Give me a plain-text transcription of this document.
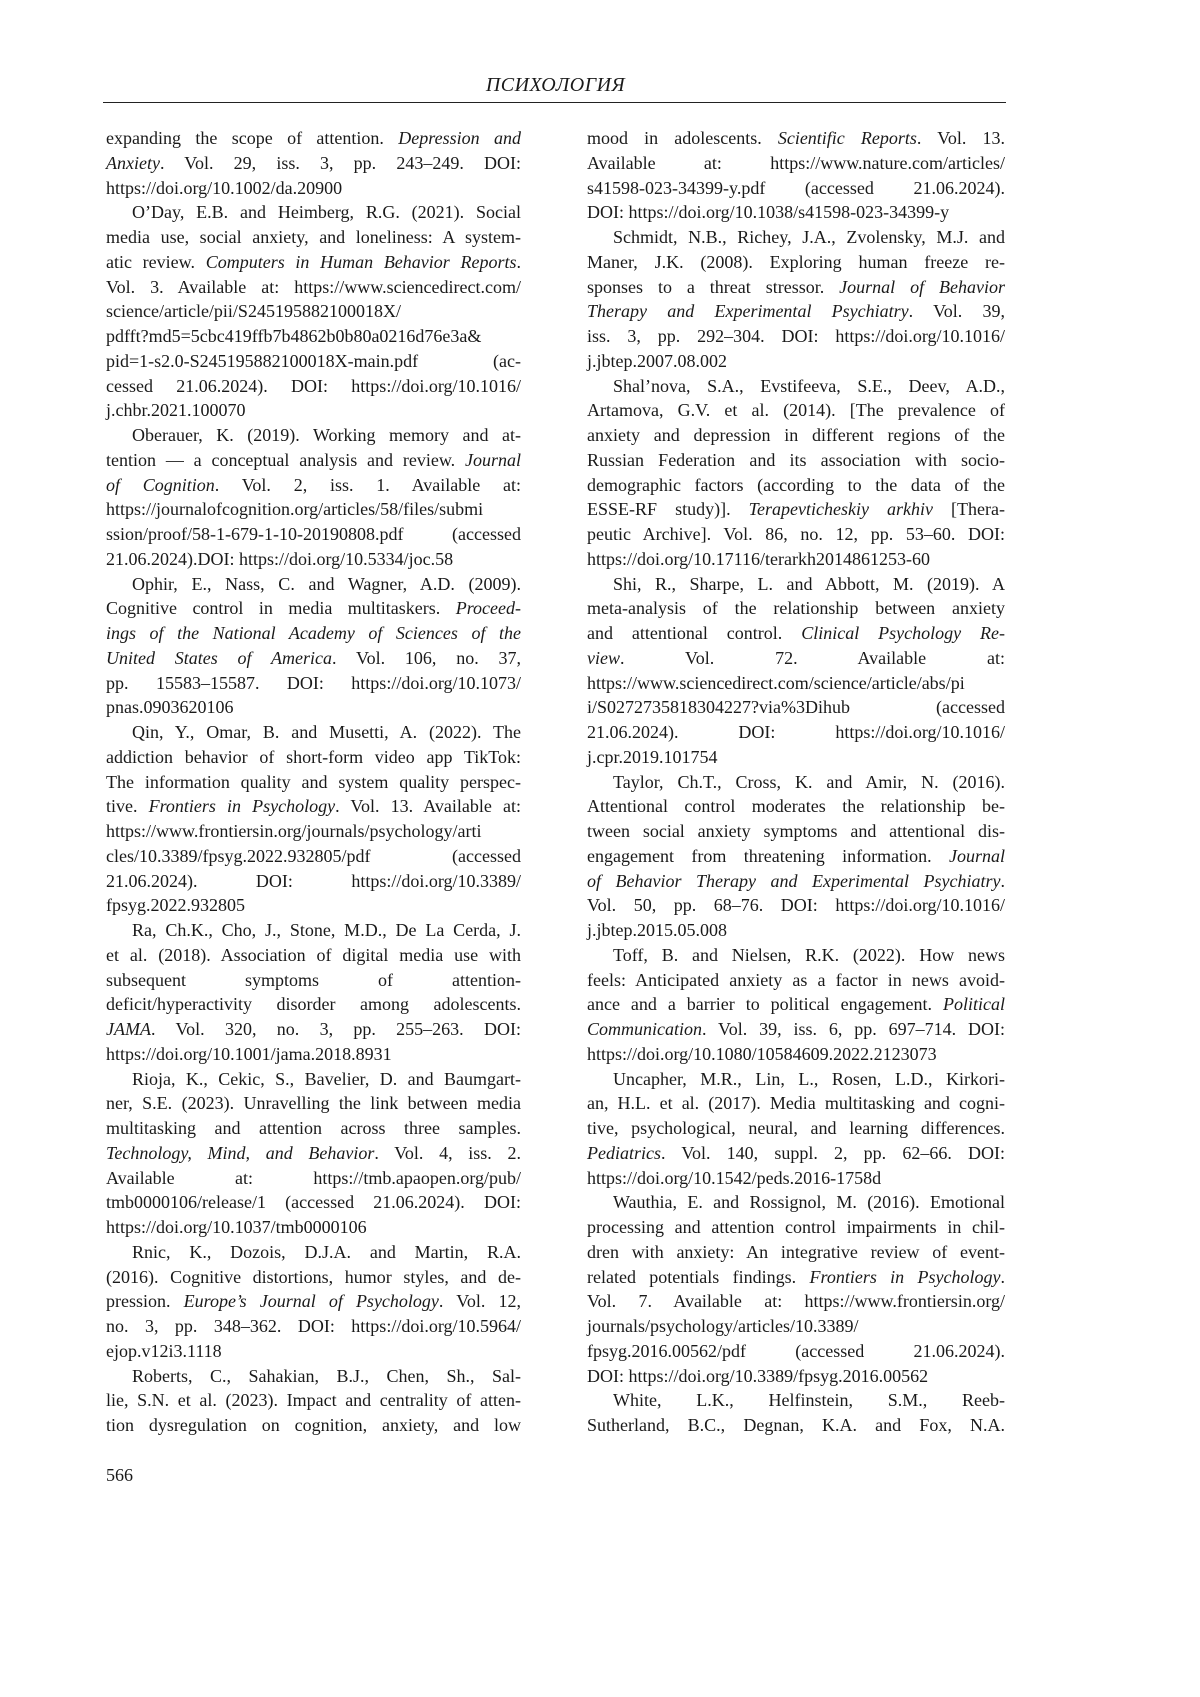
ПСИХОЛОГИЯ
expanding the scope of attention. Depression and
Anxiety. Vol. 29, iss. 3, pp. 243–249. DOI:
https://doi.org/10.1002/da.20900
O’Day, E.B. and Heimberg, R.G. (2021). Social
media use, social anxiety, and loneliness: A system-
atic review. Computers in Human Behavior Reports.
Vol. 3. Available at: https://www.sciencedirect.com/
science/article/pii/S245195882100018X/
pdfft?md5=5cbc419ffb7b4862b0b80a0216d76e3a&
pid=1-s2.0-S245195882100018X-main.pdf (ac-
cessed 21.06.2024). DOI: https://doi.org/10.1016/
j.chbr.2021.100070
Oberauer, K. (2019). Working memory and at-
tention — a conceptual analysis and review. Journal
of Cognition. Vol. 2, iss. 1. Available at:
https://journalofcognition.org/articles/58/files/submi
ssion/proof/58-1-679-1-10-20190808.pdf (accessed
21.06.2024).DOI: https://doi.org/10.5334/joc.58
Ophir, E., Nass, C. and Wagner, A.D. (2009).
Cognitive control in media multitaskers. Proceed-
ings of the National Academy of Sciences of the
United States of America. Vol. 106, no. 37,
pp. 15583–15587. DOI: https://doi.org/10.1073/
pnas.0903620106
Qin, Y., Omar, B. and Musetti, A. (2022). The
addiction behavior of short-form video app TikTok:
The information quality and system quality perspec-
tive. Frontiers in Psychology. Vol. 13. Available at:
https://www.frontiersin.org/journals/psychology/arti
cles/10.3389/fpsyg.2022.932805/pdf (accessed
21.06.2024). DOI: https://doi.org/10.3389/
fpsyg.2022.932805
Ra, Ch.K., Cho, J., Stone, M.D., De La Cerda, J.
et al. (2018). Association of digital media use with
subsequent symptoms of attention-
deficit/hyperactivity disorder among adolescents.
JAMA. Vol. 320, no. 3, pp. 255–263. DOI:
https://doi.org/10.1001/jama.2018.8931
Rioja, K., Cekic, S., Bavelier, D. and Baumgart-
ner, S.E. (2023). Unravelling the link between media
multitasking and attention across three samples.
Technology, Mind, and Behavior. Vol. 4, iss. 2.
Available at: https://tmb.apaopen.org/pub/
tmb0000106/release/1 (accessed 21.06.2024). DOI:
https://doi.org/10.1037/tmb0000106
Rnic, K., Dozois, D.J.A. and Martin, R.A.
(2016). Cognitive distortions, humor styles, and de-
pression. Europe’s Journal of Psychology. Vol. 12,
no. 3, pp. 348–362. DOI: https://doi.org/10.5964/
ejop.v12i3.1118
Roberts, C., Sahakian, B.J., Chen, Sh., Sal-
lie, S.N. et al. (2023). Impact and centrality of atten-
tion dysregulation on cognition, anxiety, and low
mood in adolescents. Scientific Reports. Vol. 13.
Available at: https://www.nature.com/articles/
s41598-023-34399-y.pdf (accessed 21.06.2024).
DOI: https://doi.org/10.1038/s41598-023-34399-y
Schmidt, N.B., Richey, J.A., Zvolensky, M.J. and
Maner, J.K. (2008). Exploring human freeze re-
sponses to a threat stressor. Journal of Behavior
Therapy and Experimental Psychiatry. Vol. 39,
iss. 3, pp. 292–304. DOI: https://doi.org/10.1016/
j.jbtep.2007.08.002
Shal’nova, S.A., Evstifeeva, S.E., Deev, A.D.,
Artamova, G.V. et al. (2014). [The prevalence of
anxiety and depression in different regions of the
Russian Federation and its association with socio-
demographic factors (according to the data of the
ESSE-RF study)]. Terapevticheskiy arkhiv [Thera-
peutic Archive]. Vol. 86, no. 12, pp. 53–60. DOI:
https://doi.org/10.17116/terarkh2014861253-60
Shi, R., Sharpe, L. and Abbott, M. (2019). A
meta-analysis of the relationship between anxiety
and attentional control. Clinical Psychology Re-
view. Vol. 72. Available at:
https://www.sciencedirect.com/science/article/abs/pi
i/S0272735818304227?via%3Dihub (accessed
21.06.2024). DOI: https://doi.org/10.1016/
j.cpr.2019.101754
Taylor, Ch.T., Cross, K. and Amir, N. (2016).
Attentional control moderates the relationship be-
tween social anxiety symptoms and attentional dis-
engagement from threatening information. Journal
of Behavior Therapy and Experimental Psychiatry.
Vol. 50, pp. 68–76. DOI: https://doi.org/10.1016/
j.jbtep.2015.05.008
Toff, B. and Nielsen, R.K. (2022). How news
feels: Anticipated anxiety as a factor in news avoid-
ance and a barrier to political engagement. Political
Communication. Vol. 39, iss. 6, pp. 697–714. DOI:
https://doi.org/10.1080/10584609.2022.2123073
Uncapher, M.R., Lin, L., Rosen, L.D., Kirkori-
an, H.L. et al. (2017). Media multitasking and cogni-
tive, psychological, neural, and learning differences.
Pediatrics. Vol. 140, suppl. 2, pp. 62–66. DOI:
https://doi.org/10.1542/peds.2016-1758d
Wauthia, E. and Rossignol, M. (2016). Emotional
processing and attention control impairments in chil-
dren with anxiety: An integrative review of event-
related potentials findings. Frontiers in Psychology.
Vol. 7. Available at: https://www.frontiersin.org/
journals/psychology/articles/10.3389/
fpsyg.2016.00562/pdf (accessed 21.06.2024).
DOI: https://doi.org/10.3389/fpsyg.2016.00562
White, L.K., Helfinstein, S.M., Reeb-
Sutherland, B.C., Degnan, K.A. and Fox, N.A.
566
